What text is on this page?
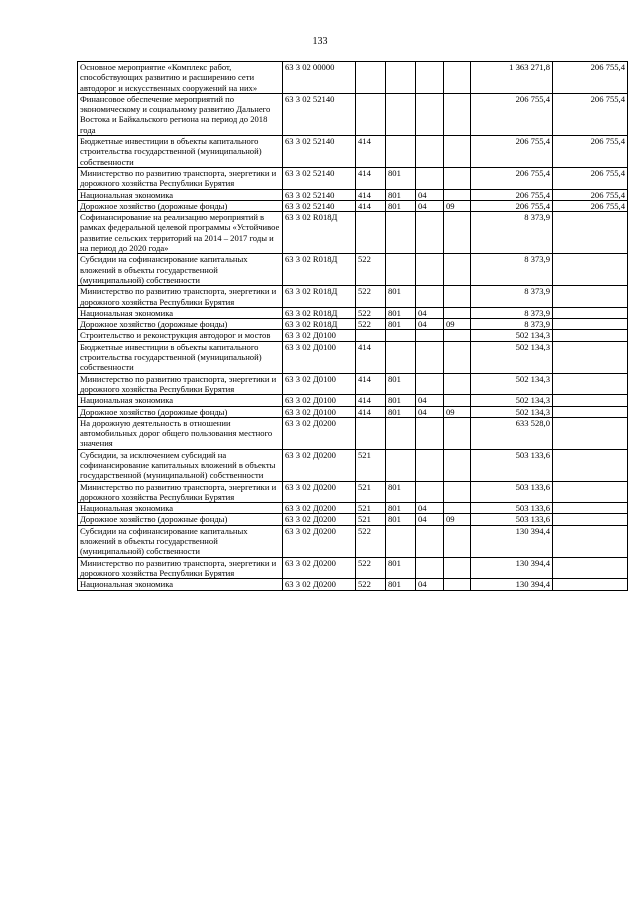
133
Основное мероприятие «Комплекс работ, способствующих развитию и расширению сети автодорог и искусственных сооружений на них»	63 3 02 00000					1 363 271,8	206 755,4
Финансовое обеспечение мероприятий по экономическому и социальному развитию Дальнего Востока и Байкальского региона на период до 2018 года	63 3 02 52140					206 755,4	206 755,4
Бюджетные инвестиции в объекты капитального строительства государственной (муниципальной) собственности	63 3 02 52140	414				206 755,4	206 755,4
Министерство по развитию транспорта, энергетики и дорожного хозяйства Республики Бурятия	63 3 02 52140	414	801			206 755,4	206 755,4
Национальная экономика	63 3 02 52140	414	801	04		206 755,4	206 755,4
Дорожное хозяйство (дорожные фонды)	63 3 02 52140	414	801	04	09	206 755,4	206 755,4
Софинансирование на реализацию мероприятий в рамках федеральной целевой программы «Устойчивое развитие сельских территорий на 2014 – 2017 годы и на период до 2020 года»	63 3 02 R018Д					8 373,9	
Субсидии на софинансирование капитальных вложений в объекты государственной (муниципальной) собственности	63 3 02 R018Д	522				8 373,9	
Министерство по развитию транспорта, энергетики и дорожного хозяйства Республики Бурятия	63 3 02 R018Д	522	801			8 373,9	
Национальная экономика	63 3 02 R018Д	522	801	04		8 373,9	
Дорожное хозяйство (дорожные фонды)	63 3 02 R018Д	522	801	04	09	8 373,9	
Строительство и реконструкция автодорог и мостов	63 3 02 Д0100					502 134,3	
Бюджетные инвестиции в объекты капитального строительства государственной (муниципальной) собственности	63 3 02 Д0100	414				502 134,3	
Министерство по развитию транспорта, энергетики и дорожного хозяйства Республики Бурятия	63 3 02 Д0100	414	801			502 134,3	
Национальная экономика	63 3 02 Д0100	414	801	04		502 134,3	
Дорожное хозяйство (дорожные фонды)	63 3 02 Д0100	414	801	04	09	502 134,3	
На дорожную деятельность в отношении автомобильных дорог общего пользования местного значения	63 3 02 Д0200					633 528,0	
Субсидии, за исключением субсидий на софинансирование капитальных вложений в объекты государственной (муниципальной) собственности	63 3 02 Д0200	521				503 133,6	
Министерство по развитию транспорта, энергетики и дорожного хозяйства Республики Бурятия	63 3 02 Д0200	521	801			503 133,6	
Национальная экономика	63 3 02 Д0200	521	801	04		503 133,6	
Дорожное хозяйство (дорожные фонды)	63 3 02 Д0200	521	801	04	09	503 133,6	
Субсидии на софинансирование капитальных вложений в объекты государственной (муниципальной) собственности	63 3 02 Д0200	522				130 394,4	
Министерство по развитию транспорта, энергетики и дорожного хозяйства Республики Бурятия	63 3 02 Д0200	522	801			130 394,4	
Национальная экономика	63 3 02 Д0200	522	801	04		130 394,4	
